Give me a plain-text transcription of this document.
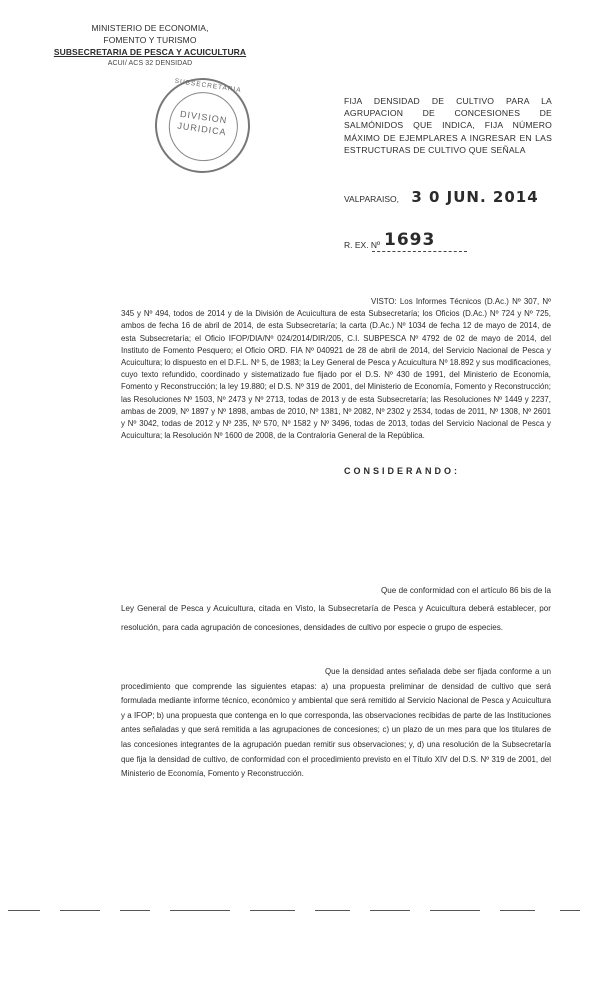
MINISTERIO DE ECONOMIA,
FOMENTO Y TURISMO
SUBSECRETARIA DE PESCA Y ACUICULTURA
ACUI/ ACS 32 DENSIDAD
SUBSECRETARIA
DIVISION
JURIDICA
FIJA DENSIDAD DE CULTIVO PARA LA AGRUPACION DE CONCESIONES DE SALMÓNIDOS QUE INDICA, FIJA NÚMERO MÁXIMO DE EJEMPLARES A INGRESAR EN LAS ESTRUCTURAS DE CULTIVO QUE SEÑALA
VALPARAISO, 3 0 JUN. 2014
R. EX. Nº 1693

VISTO: Los Informes Técnicos (D.Ac.) Nº 307, Nº 345 y Nº 494, todos de 2014 y de la División de Acuicultura de esta Subsecretaría; los Oficios (D.Ac.) Nº 724 y Nº 725, ambos de fecha 16 de abril de 2014, de esta Subsecretaría; la carta (D.Ac.) Nº 1034 de fecha 12 de mayo de 2014, de esta Subsecretaría; el Oficio IFOP/DIA/Nº 024/2014/DIR/205, C.I. SUBPESCA Nº 4792 de 02 de mayo de 2014, del Instituto de Fomento Pesquero; el Oficio ORD. FIA Nº 040921 de 28 de abril de 2014, del Servicio Nacional de Pesca y Acuicultura; lo dispuesto en el D.F.L. Nº 5, de 1983; la Ley General de Pesca y Acuicultura Nº 18.892 y sus modificaciones, cuyo texto refundido, coordinado y sistematizado fue fijado por el D.S. Nº 430 de 1991, del Ministerio de Economía, Fomento y Reconstrucción; la ley 19.880; el D.S. Nº 319 de 2001, del Ministerio de Economía, Fomento y Reconstrucción; las Resoluciones Nº 1503, Nº 2473 y Nº 2713, todas de 2013 y de esta Subsecretaría; las Resoluciones Nº 1449 y 2237, ambas de 2009, Nº 1897 y Nº 1898, ambas de 2010, Nº 1381, Nº 2082, Nº 2302 y 2534, todas de 2011, Nº 1308, Nº 2601 y Nº 3042, todas de 2012 y Nº 235, Nº 570, Nº 1582 y Nº 3496, todas de 2013, todas del Servicio Nacional de Pesca y Acuicultura; la Resolución Nº 1600 de 2008, de la Contraloría General de la República.

CONSIDERANDO:

Que de conformidad con el artículo 86 bis de la Ley General de Pesca y Acuicultura, citada en Visto, la Subsecretaría de Pesca y Acuicultura deberá establecer, por resolución, para cada agrupación de concesiones, densidades de cultivo por especie o grupo de especies.

Que la densidad antes señalada debe ser fijada conforme a un procedimiento que comprende las siguientes etapas: a) una propuesta preliminar de densidad de cultivo que será formulada mediante informe técnico, económico y ambiental que será remitido al Servicio Nacional de Pesca y Acuicultura y a IFOP; b) una propuesta que contenga en lo que corresponda, las observaciones recibidas de parte de las Instituciones antes señaladas y que será remitida a las agrupaciones de concesiones; c) un plazo de un mes para que los titulares de las concesiones integrantes de la agrupación puedan remitir sus observaciones; y, d) una resolución de la Subsecretaría que fija la densidad de cultivo, de conformidad con el procedimiento previsto en el Título XIV del D.S. Nº 319 de 2001, del Ministerio de Economía, Fomento y Reconstrucción.
